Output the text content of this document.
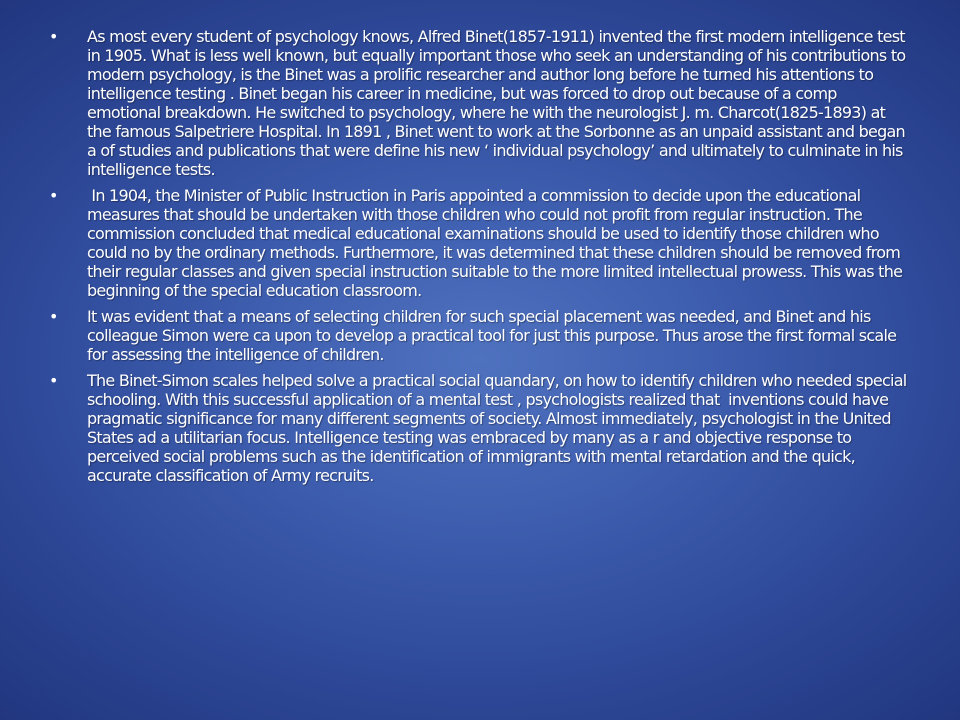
•	As most every student of psychology knows, Alfred Binet(1857-1911) invented the first modern intelligence test in 1905. What is less well known, but equally important those who seek an understanding of his contributions to modern psychology, is the Binet was a prolific researcher and author long before he turned his attentions to intelligence testing . Binet began his career in medicine, but was forced to drop out because of a comp emotional breakdown. He switched to psychology, where he with the neurologist J. m. Charcot(1825-1893) at the famous Salpetriere Hospital. In 1891 , Binet went to work at the Sorbonne as an unpaid assistant and began a of studies and publications that were define his new ‘ individual psychology’ and ultimately to culminate in his intelligence tests.
•	In 1904, the Minister of Public Instruction in Paris appointed a commission to decide upon the educational measures that should be undertaken with those children who could not profit from regular instruction. The commission concluded that medical educational examinations should be used to identify those children who could no by the ordinary methods. Furthermore, it was determined that these children should be removed from their regular classes and given special instruction suitable to the more limited intellectual prowess. This was the beginning of the special education classroom.
•	It was evident that a means of selecting children for such special placement was needed, and Binet and his colleague Simon were ca upon to develop a practical tool for just this purpose. Thus arose the first formal scale for assessing the intelligence of children.
•	The Binet-Simon scales helped solve a practical social quandary, on how to identify children who needed special schooling. With this successful application of a mental test , psychologists realized that  inventions could have pragmatic significance for many different segments of society. Almost immediately, psychologist in the United States ad a utilitarian focus. Intelligence testing was embraced by many as a r and objective response to perceived social problems such as the identification of immigrants with mental retardation and the quick, accurate classification of Army recruits.
